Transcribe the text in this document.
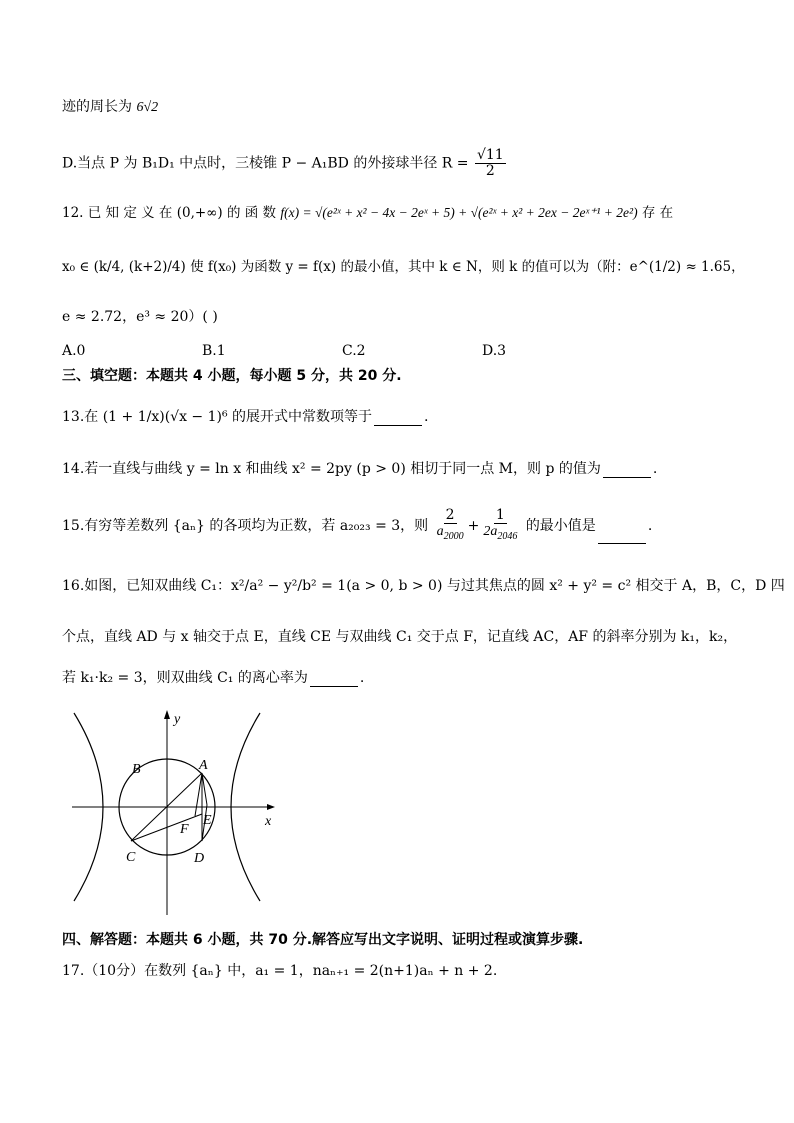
迹的周长为 6√2
D.当点 P 为 B₁D₁ 中点时，三棱锥 P − A₁BD 的外接球半径 $R = \frac{√11}{2}$
12. 已 知 定 义 在 (0,+∞) 的 函 数 f(x) = √(e²ˣ + x² − 4x − 2eˣ + 5) + √(e²ˣ + x² + 2ex − 2eˣ⁺¹ + 2e²) 存 在
x₀ ∈ (k/4, (k+2)/4) 使 f(x₀) 为函数 y = f(x) 的最小值，其中 k ∈ N，则 k 的值可以为（附：e^(1/2) ≈ 1.65，
e ≈ 2.72，e³ ≈ 20）( )
A.0	B.1	C.2	D.3
三、填空题：本题共 4 小题，每小题 5 分，共 20 分.
13.在 (1 + 1/x)(√x − 1)⁶ 的展开式中常数项等于	.
14.若一直线与曲线 y = ln x 和曲线 x² = 2py (p > 0) 相切于同一点 M，则 p 的值为	.
15.有穷等差数列 {aₙ} 的各项均为正数，若 a₂₀₂₃ = 3，则 $\frac{2}{a_{2000}} + \frac{1}{2a_{2046}}$ 的最小值是	.
16.如图，已知双曲线 C₁：x²/a² − y²/b² = 1(a > 0, b > 0) 与过其焦点的圆 x² + y² = c² 相交于 A，B，C，D 四
个点，直线 AD 与 x 轴交于点 E，直线 CE 与双曲线 C₁ 交于点 F，记直线 AC，AF 的斜率分别为 k₁，k₂，
若 k₁·k₂ = 3，则双曲线 C₁ 的离心率为	.
y
x
A
B
C	D
E
F
四、解答题：本题共 6 小题，共 70 分.解答应写出文字说明、证明过程或演算步骤.
17.（10分）在数列 {aₙ} 中，a₁ = 1，naₙ₊₁ = 2(n+1)aₙ + n + 2.
